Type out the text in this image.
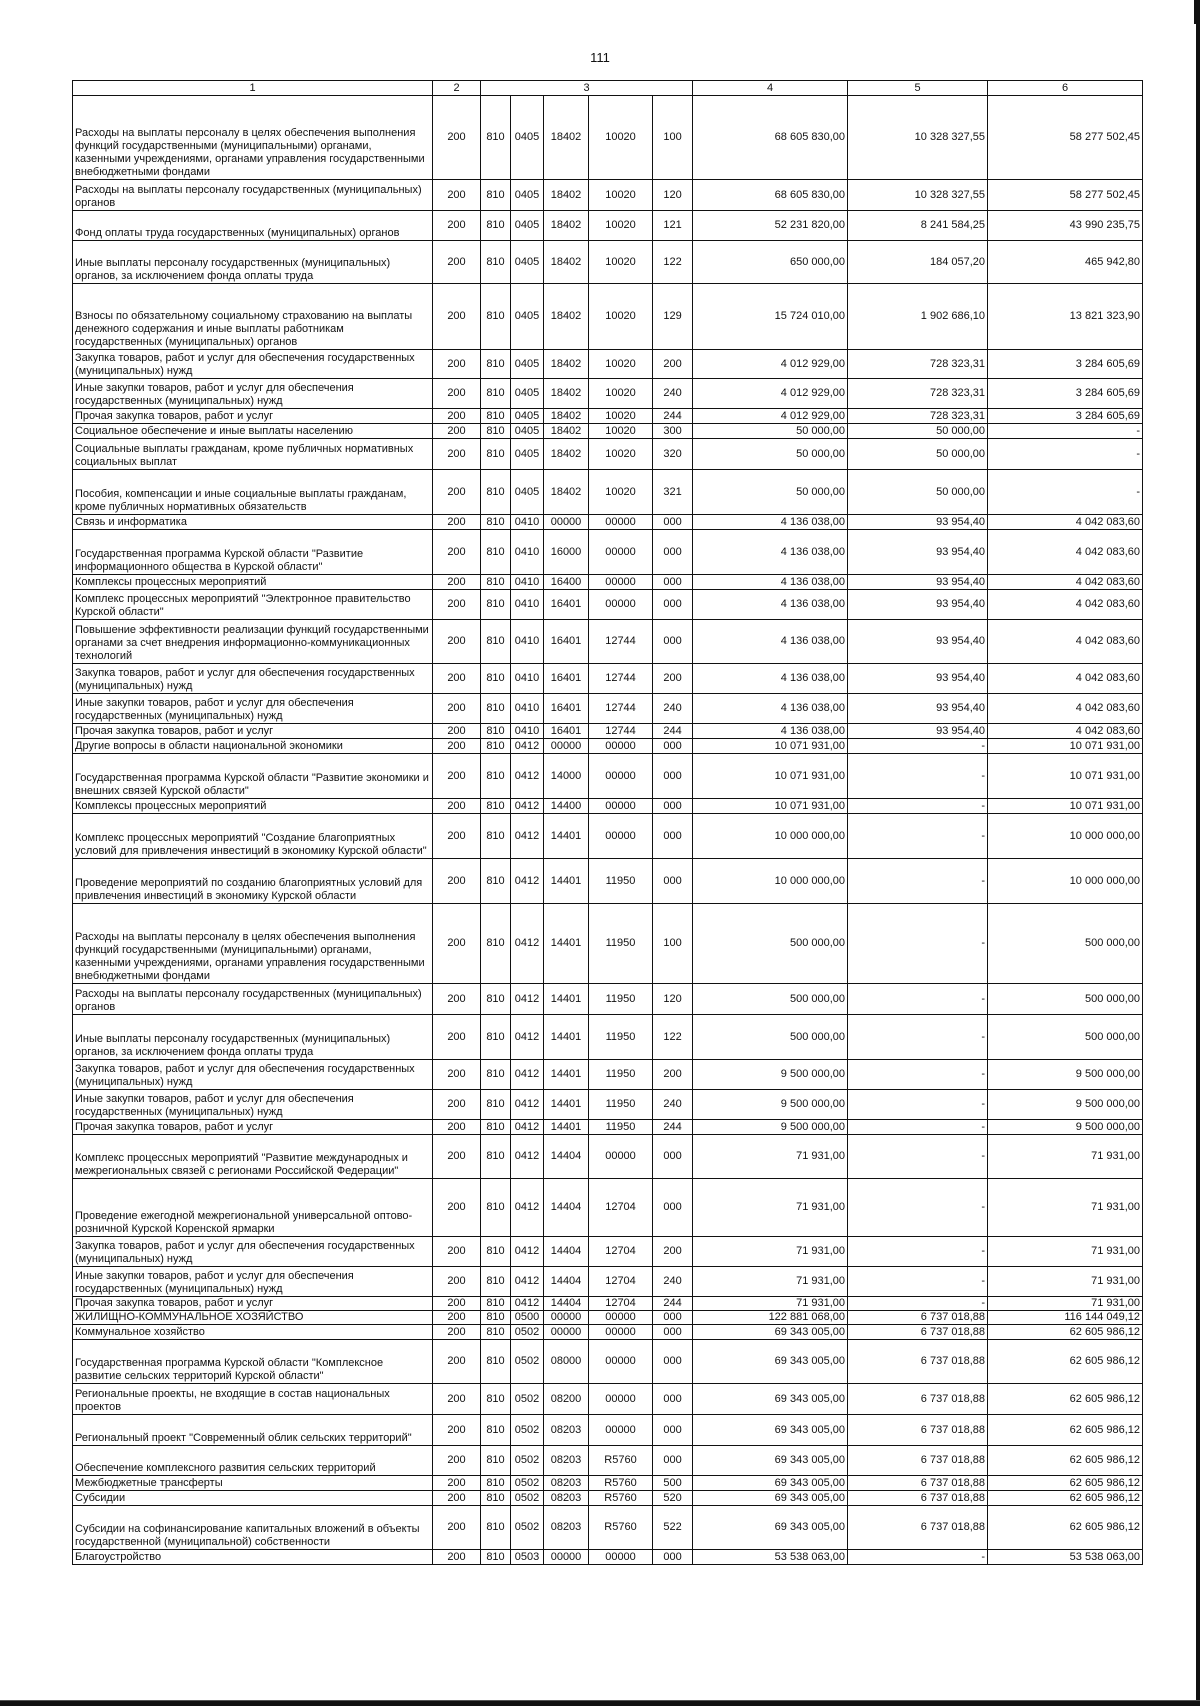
111
1	2	3					4	5	6
Расходы на выплаты персоналу в целях обеспечения выполнения функций государственными (муниципальными) органами, казенными учреждениями, органами управления государственными внебюджетными фондами	200	810	0405	18402	10020	100	68 605 830,00	10 328 327,55	58 277 502,45
Расходы на выплаты персоналу государственных (муниципальных) органов	200	810	0405	18402	10020	120	68 605 830,00	10 328 327,55	58 277 502,45
Фонд оплаты труда государственных (муниципальных) органов	200	810	0405	18402	10020	121	52 231 820,00	8 241 584,25	43 990 235,75
Иные выплаты персоналу государственных (муниципальных) органов, за исключением фонда оплаты труда	200	810	0405	18402	10020	122	650 000,00	184 057,20	465 942,80
Взносы по обязательному социальному страхованию на выплаты денежного содержания и иные выплаты работникам государственных (муниципальных) органов	200	810	0405	18402	10020	129	15 724 010,00	1 902 686,10	13 821 323,90
Закупка товаров, работ и услуг для обеспечения государственных (муниципальных) нужд	200	810	0405	18402	10020	200	4 012 929,00	728 323,31	3 284 605,69
Иные закупки товаров, работ и услуг для обеспечения государственных (муниципальных) нужд	200	810	0405	18402	10020	240	4 012 929,00	728 323,31	3 284 605,69
Прочая закупка товаров, работ и услуг	200	810	0405	18402	10020	244	4 012 929,00	728 323,31	3 284 605,69
Социальное обеспечение и иные выплаты населению	200	810	0405	18402	10020	300	50 000,00	50 000,00	-
Социальные выплаты гражданам, кроме публичных нормативных социальных выплат	200	810	0405	18402	10020	320	50 000,00	50 000,00	-
Пособия, компенсации и иные социальные выплаты гражданам, кроме публичных нормативных обязательств	200	810	0405	18402	10020	321	50 000,00	50 000,00	-
Связь и информатика	200	810	0410	00000	00000	000	4 136 038,00	93 954,40	4 042 083,60
Государственная программа Курской области "Развитие информационного общества в Курской области"	200	810	0410	16000	00000	000	4 136 038,00	93 954,40	4 042 083,60
Комплексы процессных мероприятий	200	810	0410	16400	00000	000	4 136 038,00	93 954,40	4 042 083,60
Комплекс процессных мероприятий "Электронное правительство Курской области"	200	810	0410	16401	00000	000	4 136 038,00	93 954,40	4 042 083,60
Повышение эффективности реализации функций государственными органами за счет внедрения информационно-коммуникационных технологий	200	810	0410	16401	12744	000	4 136 038,00	93 954,40	4 042 083,60
Закупка товаров, работ и услуг для обеспечения государственных (муниципальных) нужд	200	810	0410	16401	12744	200	4 136 038,00	93 954,40	4 042 083,60
Иные закупки товаров, работ и услуг для обеспечения государственных (муниципальных) нужд	200	810	0410	16401	12744	240	4 136 038,00	93 954,40	4 042 083,60
Прочая закупка товаров, работ и услуг	200	810	0410	16401	12744	244	4 136 038,00	93 954,40	4 042 083,60
Другие вопросы в области национальной экономики	200	810	0412	00000	00000	000	10 071 931,00	-	10 071 931,00
Государственная программа Курской области "Развитие экономики и внешних связей Курской области"	200	810	0412	14000	00000	000	10 071 931,00	-	10 071 931,00
Комплексы процессных мероприятий	200	810	0412	14400	00000	000	10 071 931,00	-	10 071 931,00
Комплекс процессных мероприятий "Создание благоприятных условий для привлечения инвестиций в экономику Курской области"	200	810	0412	14401	00000	000	10 000 000,00	-	10 000 000,00
Проведение мероприятий по созданию благоприятных условий для привлечения инвестиций в экономику Курской области	200	810	0412	14401	11950	000	10 000 000,00	-	10 000 000,00
Расходы на выплаты персоналу в целях обеспечения выполнения функций государственными (муниципальными) органами, казенными учреждениями, органами управления государственными внебюджетными фондами	200	810	0412	14401	11950	100	500 000,00	-	500 000,00
Расходы на выплаты персоналу государственных (муниципальных) органов	200	810	0412	14401	11950	120	500 000,00	-	500 000,00
Иные выплаты персоналу государственных (муниципальных) органов, за исключением фонда оплаты труда	200	810	0412	14401	11950	122	500 000,00	-	500 000,00
Закупка товаров, работ и услуг для обеспечения государственных (муниципальных) нужд	200	810	0412	14401	11950	200	9 500 000,00	-	9 500 000,00
Иные закупки товаров, работ и услуг для обеспечения государственных (муниципальных) нужд	200	810	0412	14401	11950	240	9 500 000,00	-	9 500 000,00
Прочая закупка товаров, работ и услуг	200	810	0412	14401	11950	244	9 500 000,00	-	9 500 000,00
Комплекс процессных мероприятий "Развитие международных и межрегиональных связей с регионами Российской Федерации"	200	810	0412	14404	00000	000	71 931,00	-	71 931,00
Проведение ежегодной межрегиональной универсальной оптово-розничной Курской Коренской ярмарки	200	810	0412	14404	12704	000	71 931,00	-	71 931,00
Закупка товаров, работ и услуг для обеспечения государственных (муниципальных) нужд	200	810	0412	14404	12704	200	71 931,00	-	71 931,00
Иные закупки товаров, работ и услуг для обеспечения государственных (муниципальных) нужд	200	810	0412	14404	12704	240	71 931,00	-	71 931,00
Прочая закупка товаров, работ и услуг	200	810	0412	14404	12704	244	71 931,00	-	71 931,00
ЖИЛИЩНО-КОММУНАЛЬНОЕ ХОЗЯЙСТВО	200	810	0500	00000	00000	000	122 881 068,00	6 737 018,88	116 144 049,12
Коммунальное хозяйство	200	810	0502	00000	00000	000	69 343 005,00	6 737 018,88	62 605 986,12
Государственная программа Курской области "Комплексное развитие сельских территорий Курской области"	200	810	0502	08000	00000	000	69 343 005,00	6 737 018,88	62 605 986,12
Региональные проекты, не входящие в состав национальных проектов	200	810	0502	08200	00000	000	69 343 005,00	6 737 018,88	62 605 986,12
Региональный проект "Современный облик сельских территорий"	200	810	0502	08203	00000	000	69 343 005,00	6 737 018,88	62 605 986,12
Обеспечение комплексного развития сельских территорий	200	810	0502	08203	R5760	000	69 343 005,00	6 737 018,88	62 605 986,12
Межбюджетные трансферты	200	810	0502	08203	R5760	500	69 343 005,00	6 737 018,88	62 605 986,12
Субсидии	200	810	0502	08203	R5760	520	69 343 005,00	6 737 018,88	62 605 986,12
Субсидии на софинансирование капитальных вложений в объекты государственной (муниципальной) собственности	200	810	0502	08203	R5760	522	69 343 005,00	6 737 018,88	62 605 986,12
Благоустройство	200	810	0503	00000	00000	000	53 538 063,00	-	53 538 063,00
